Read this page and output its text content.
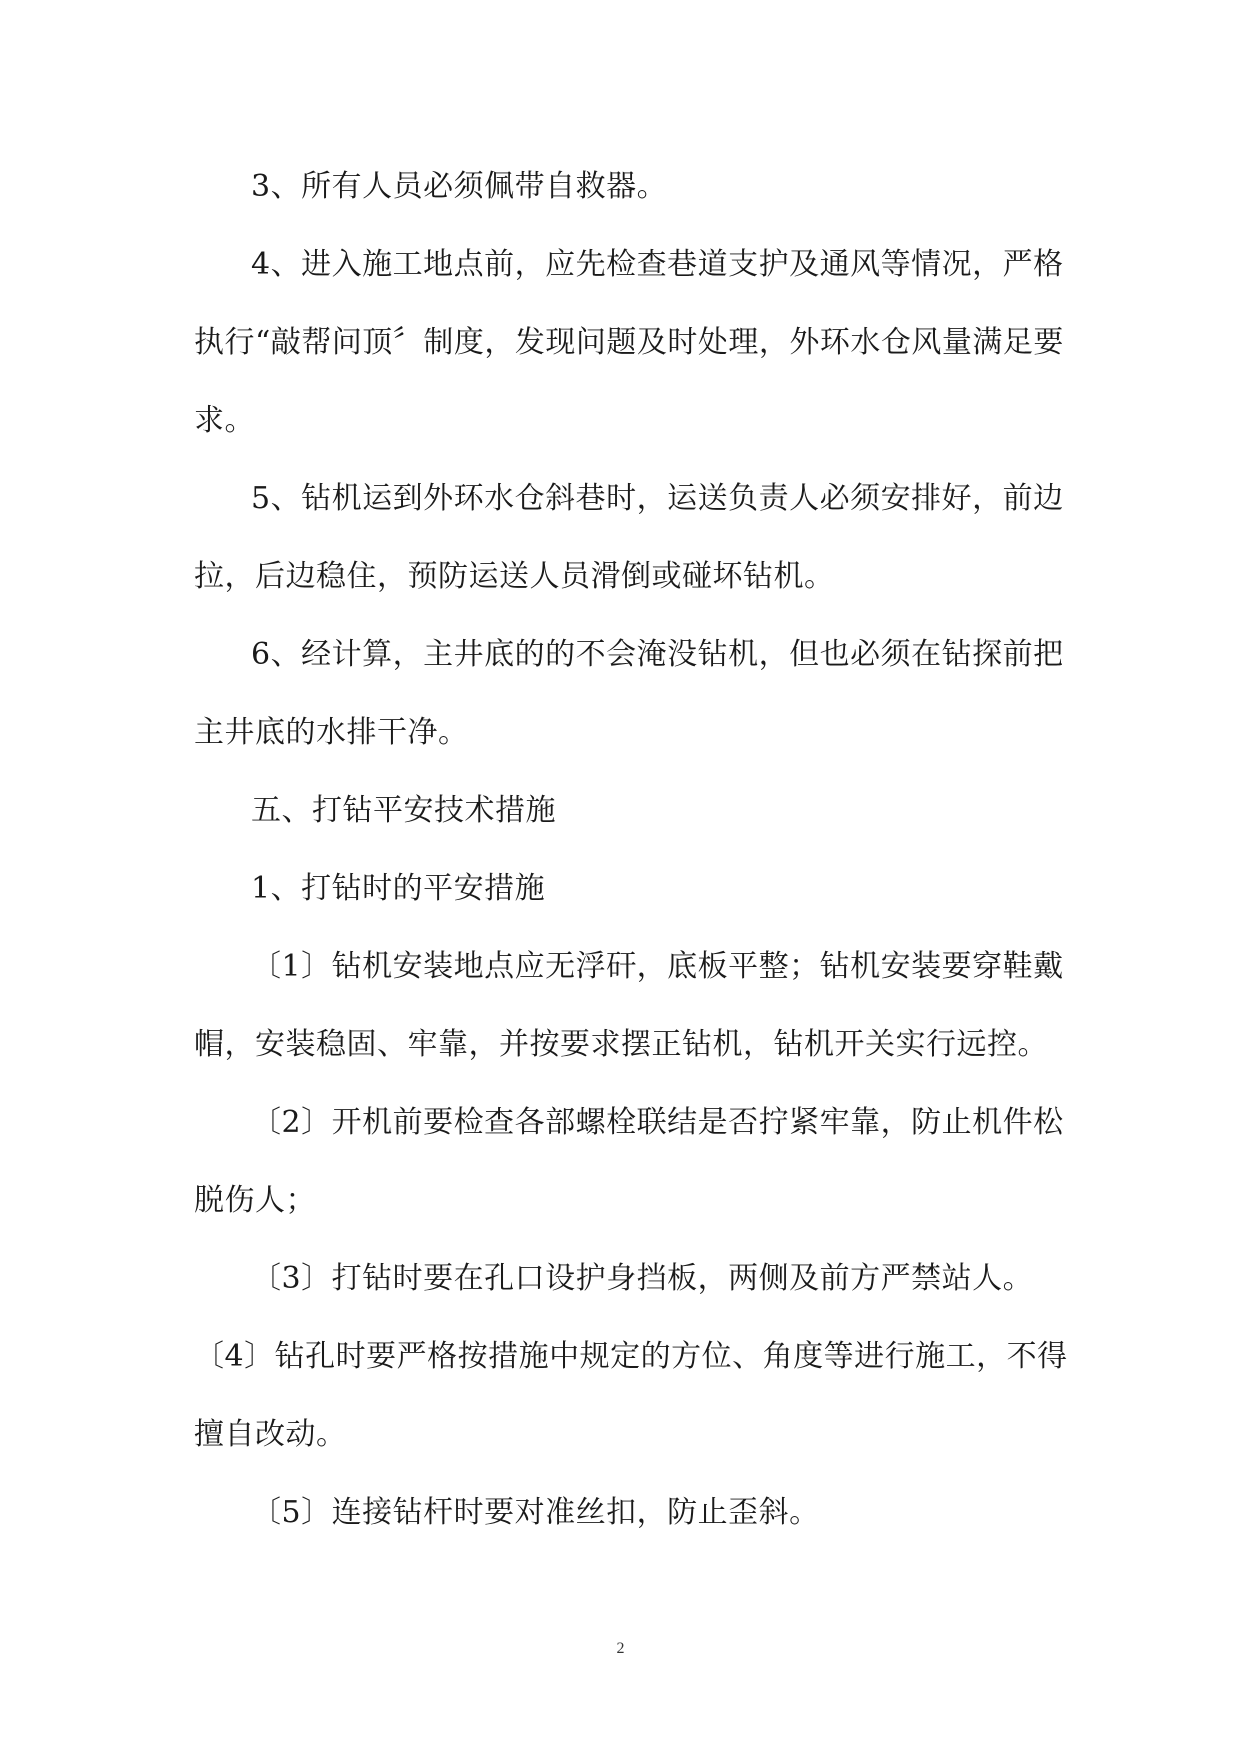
3、所有人员必须佩带自救器。
4、进入施工地点前，应先检查巷道支护及通风等情况，严格
执行“敲帮问顶〞制度，发现问题及时处理，外环水仓风量满足要
求。
5、钻机运到外环水仓斜巷时，运送负责人必须安排好，前边
拉，后边稳住，预防运送人员滑倒或碰坏钻机。
6、经计算，主井底的的不会淹没钻机，但也必须在钻探前把
主井底的水排干净。
五、打钻平安技术措施
1、打钻时的平安措施
〔1〕钻机安装地点应无浮矸，底板平整；钻机安装要穿鞋戴
帽，安装稳固、牢靠，并按要求摆正钻机，钻机开关实行远控。
〔2〕开机前要检查各部螺栓联结是否拧紧牢靠，防止机件松
脱伤人；
〔3〕打钻时要在孔口设护身挡板，两侧及前方严禁站人。
〔4〕钻孔时要严格按措施中规定的方位、角度等进行施工，不得
擅自改动。
〔5〕连接钻杆时要对准丝扣，防止歪斜。
2
